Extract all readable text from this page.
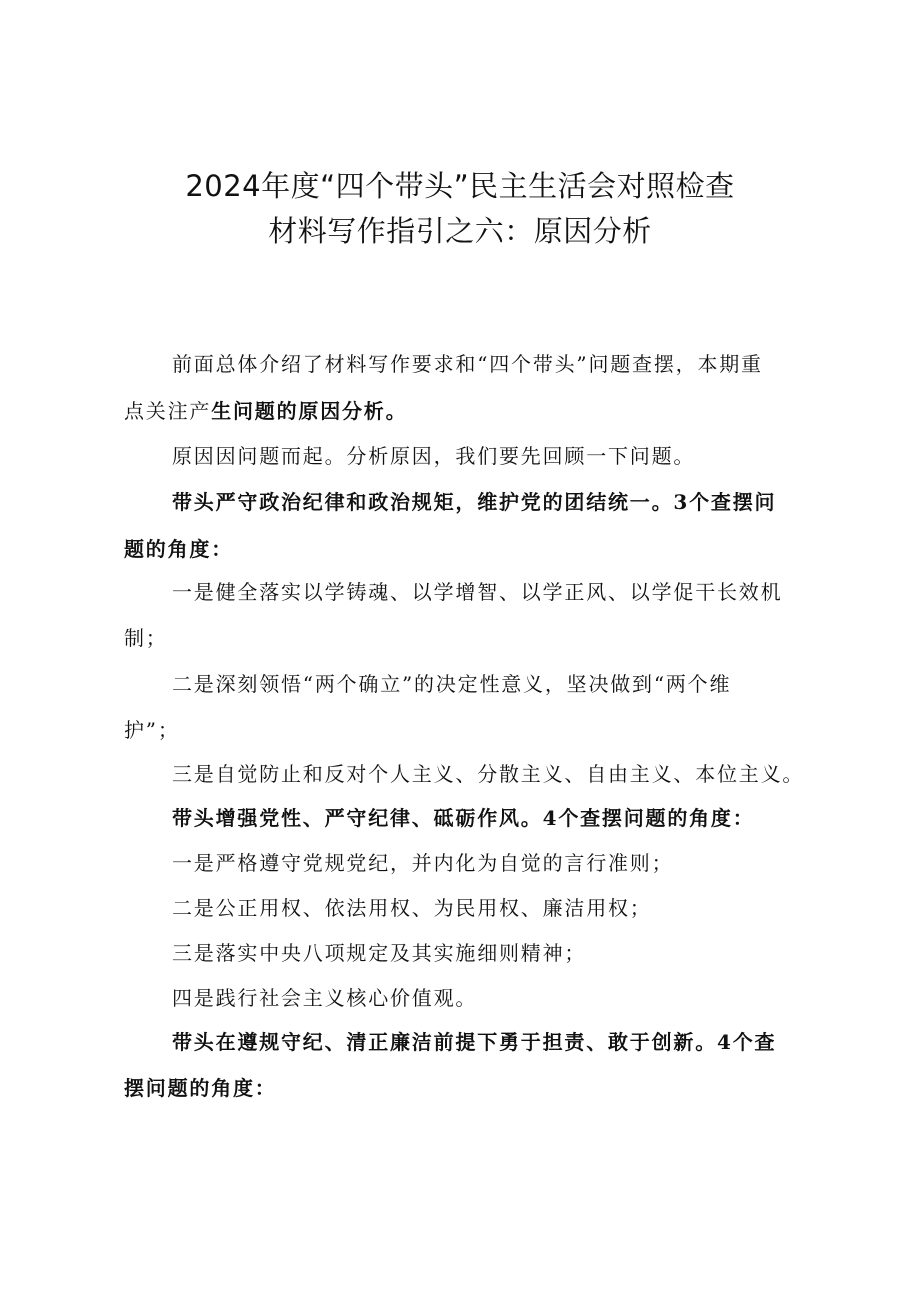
2024年度“四个带头”民主生活会对照检查
材料写作指引之六：原因分析
前面总体介绍了材料写作要求和“四个带头”问题查摆，本期重
点关注产生问题的原因分析。
原因因问题而起。分析原因，我们要先回顾一下问题。
带头严守政治纪律和政治规矩，维护党的团结统一。3个查摆问
题的角度：
一是健全落实以学铸魂、以学增智、以学正风、以学促干长效机
制；
二是深刻领悟“两个确立”的决定性意义，坚决做到“两个维
护”；
三是自觉防止和反对个人主义、分散主义、自由主义、本位主义。
带头增强党性、严守纪律、砥砺作风。4个查摆问题的角度：
一是严格遵守党规党纪，并内化为自觉的言行准则；
二是公正用权、依法用权、为民用权、廉洁用权；
三是落实中央八项规定及其实施细则精神；
四是践行社会主义核心价值观。
带头在遵规守纪、清正廉洁前提下勇于担责、敢于创新。4个查
摆问题的角度：
